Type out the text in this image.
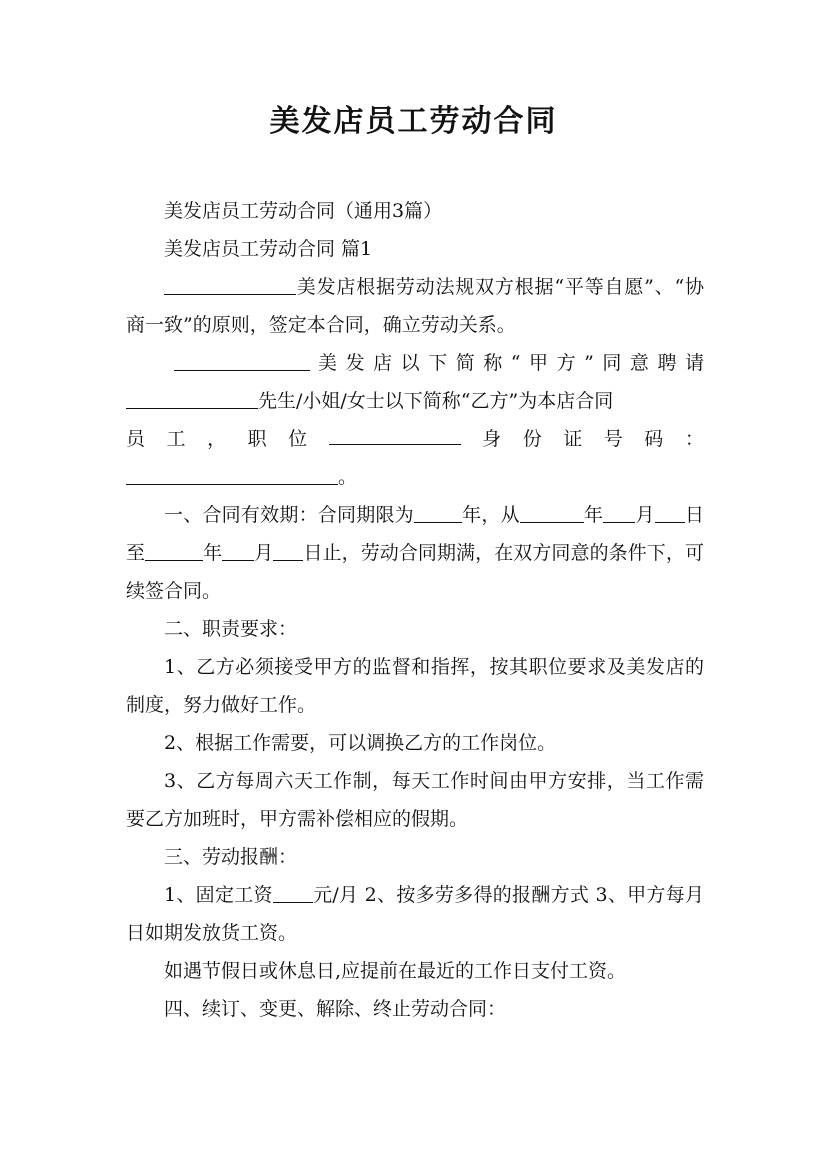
美发店员工劳动合同

美发店员工劳动合同（通用3篇）

美发店员工劳动合同 篇1

美发店根据劳动法规双方根据“平等自愿”、“协商一致”的原则，签定本合同，确立劳动关系。

美发店以下简称“甲方”同意聘请先生/小姐/女士以下简称“乙方”为本店合同

员 工 ， 职 位	身 份 证 号 码 ：

。

一、合同有效期：合同期限为	年，从	年 月 日至	年 月 日止，劳动合同期满，在双方同意的条件下，可续签合同。

二、职责要求：

1、乙方必须接受甲方的监督和指挥，按其职位要求及美发店的制度，努力做好工作。

2、根据工作需要，可以调换乙方的工作岗位。

3、乙方每周六天工作制，每天工作时间由甲方安排，当工作需要乙方加班时，甲方需补偿相应的假期。

三、劳动报酬：

1、固定工资 元/月 2、按多劳多得的报酬方式 3、甲方每月日如期发放货工资。

如遇节假日或休息日,应提前在最近的工作日支付工资。

四、续订、变更、解除、终止劳动合同：
